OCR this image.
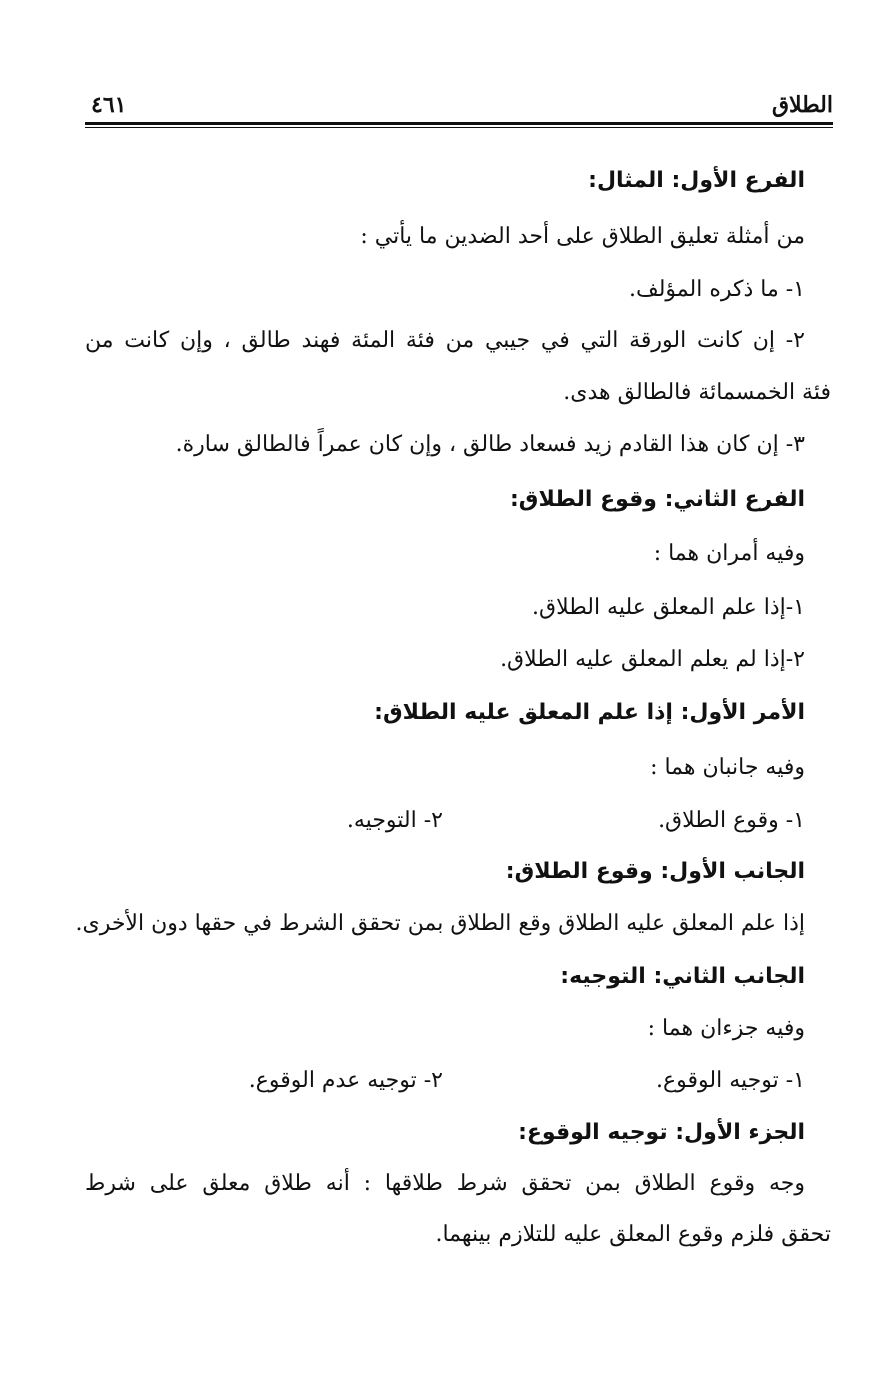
الطلاق
٤٦١
الفرع الأول: المثال:
من أمثلة تعليق الطلاق على أحد الضدين ما يأتي :
١- ما ذكره المؤلف.
٢- إن كانت الورقة التي في جيبي من فئة المئة فهند طالق ، وإن كانت من
فئة الخمسمائة فالطالق هدى.
٣- إن كان هذا القادم زيد فسعاد طالق ، وإن كان عمراً فالطالق سارة.
الفرع الثاني: وقوع الطلاق:
وفيه أمران هما :
١-إذا علم المعلق عليه الطلاق.
٢-إذا لم يعلم المعلق عليه الطلاق.
الأمر الأول: إذا علم المعلق عليه الطلاق:
وفيه جانبان هما :
١- وقوع الطلاق.
٢- التوجيه.
الجانب الأول: وقوع الطلاق:
إذا علم المعلق عليه الطلاق وقع الطلاق بمن تحقق الشرط في حقها دون الأخرى.
الجانب الثاني: التوجيه:
وفيه جزءان هما :
١- توجيه الوقوع.
٢- توجيه عدم الوقوع.
الجزء الأول: توجيه الوقوع:
وجه وقوع الطلاق بمن تحقق شرط طلاقها : أنه طلاق معلق على شرط
تحقق فلزم وقوع المعلق عليه للتلازم بينهما.
